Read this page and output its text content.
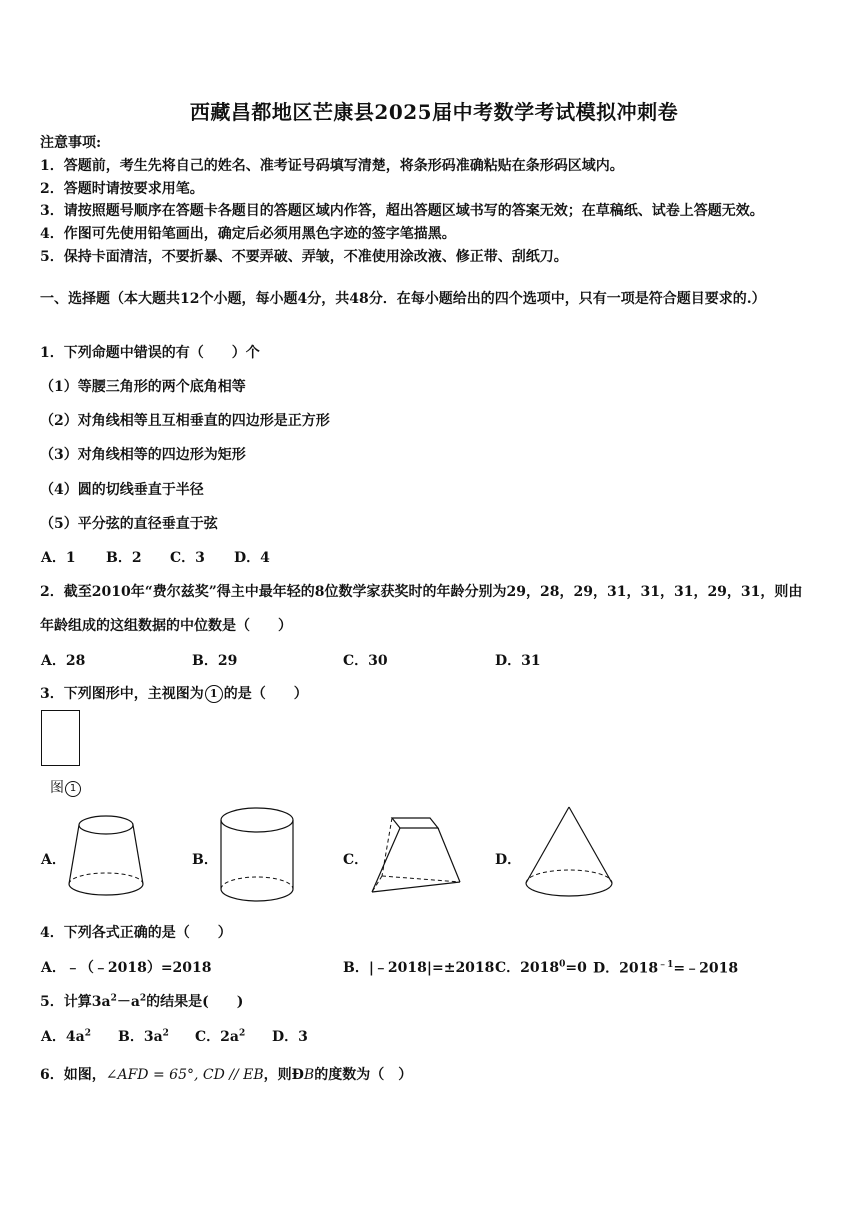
西藏昌都地区芒康县2025届中考数学考试模拟冲刺卷
注意事项:
1．答题前，考生先将自己的姓名、准考证号码填写清楚，将条形码准确粘贴在条形码区域内。
2．答题时请按要求用笔。
3．请按照题号顺序在答题卡各题目的答题区域内作答，超出答题区域书写的答案无效；在草稿纸、试卷上答题无效。
4．作图可先使用铅笔画出，确定后必须用黑色字迹的签字笔描黑。
5．保持卡面清洁，不要折暴、不要弄破、弄皱，不准使用涂改液、修正带、刮纸刀。
一、选择题（本大题共12个小题，每小题4分，共48分．在每小题给出的四个选项中，只有一项是符合题目要求的.）
1．下列命题中错误的有（　　）个
（1）等腰三角形的两个底角相等
（2）对角线相等且互相垂直的四边形是正方形
（3）对角线相等的四边形为矩形
（4）圆的切线垂直于半径
（5）平分弦的直径垂直于弦
A．1 B．2 C．3 D．4
2．截至2010年“费尔兹奖”得主中最年轻的8位数学家获奖时的年龄分别为29，28，29，31，31，31，29，31，则由
年龄组成的这组数据的中位数是（　　）
A．28	B．29	C．30	D．31
3．下列图形中，主视图为 1 的是（　　）
图 1
A．	B．	C．	D．
4．下列各式正确的是（　　）
A．﹣（﹣2018）=2018	B．|﹣2018|=±2018 C．$2018^0=0$ D．$2018^{﹣1}=﹣2018$
5．计算$3a^2-a^2$的结果是(　　)
A．$4a^2$ B．$3a^2$ C．$2a^2$ D．3
6．如图，∠AFD = 65°, CD // EB，则ÐB的度数为（　）
